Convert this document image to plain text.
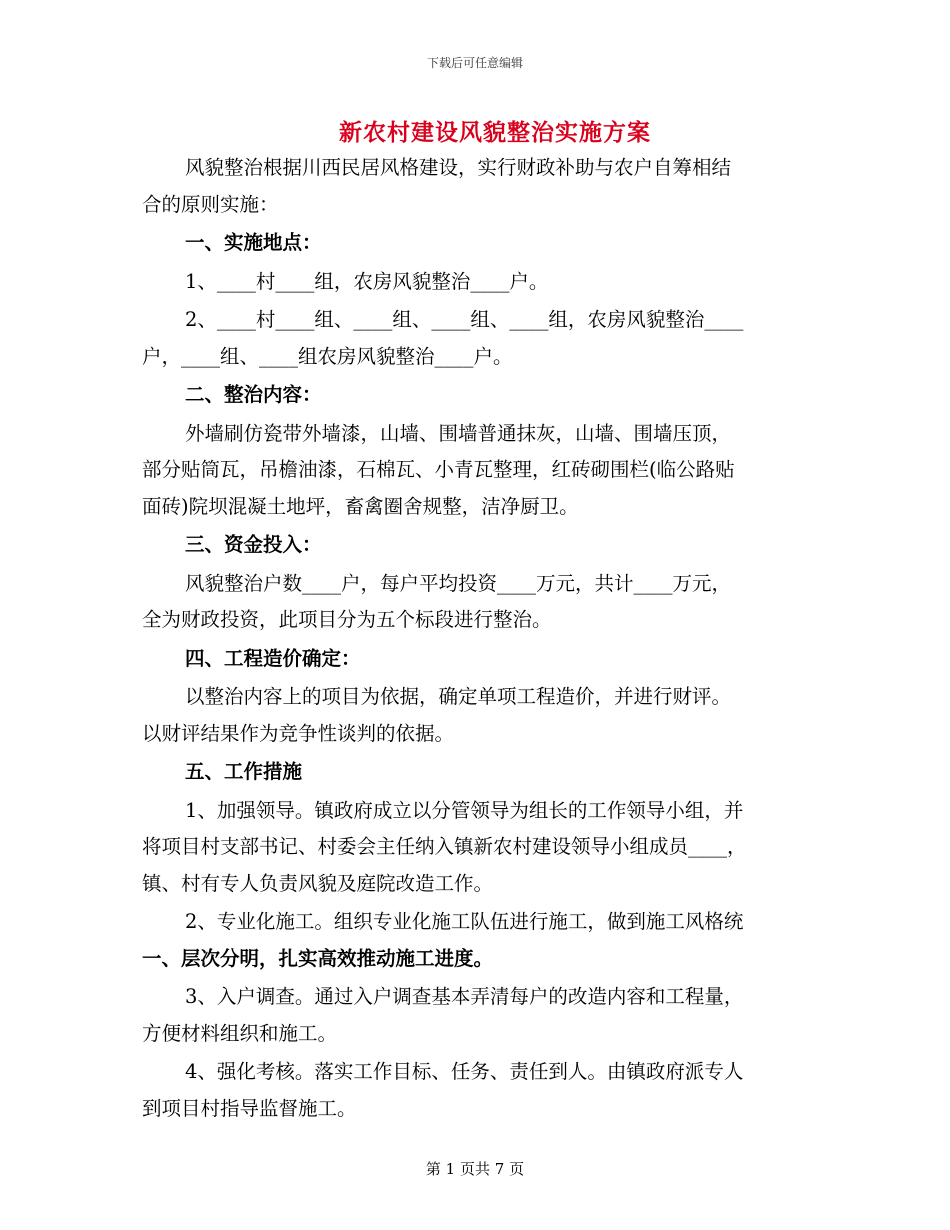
下载后可任意编辑
新农村建设风貌整治实施方案

风貌整治根据川西民居风格建设，实行财政补助与农户自筹相结

合的原则实施：

一、实施地点：

1、____村____组，农房风貌整治____户。

2、____村____组、____组、____组、____组，农房风貌整治____

户，____组、____组农房风貌整治____户。

二、整治内容：

外墙刷仿瓷带外墙漆，山墙、围墙普通抹灰，山墙、围墙压顶，

部分贴筒瓦，吊檐油漆，石棉瓦、小青瓦整理，红砖砌围栏(临公路贴

面砖)院坝混凝土地坪，畜禽圈舍规整，洁净厨卫。

三、资金投入：

风貌整治户数____户，每户平均投资____万元，共计____万元，

全为财政投资，此项目分为五个标段进行整治。

四、工程造价确定：

以整治内容上的项目为依据，确定单项工程造价，并进行财评。

以财评结果作为竞争性谈判的依据。

五、工作措施

1、加强领导。镇政府成立以分管领导为组长的工作领导小组，并

将项目村支部书记、村委会主任纳入镇新农村建设领导小组成员____，

镇、村有专人负责风貌及庭院改造工作。

2、专业化施工。组织专业化施工队伍进行施工，做到施工风格统

一、层次分明，扎实高效推动施工进度。

3、入户调查。通过入户调查基本弄清每户的改造内容和工程量，

方便材料组织和施工。

4、强化考核。落实工作目标、任务、责任到人。由镇政府派专人

到项目村指导监督施工。

第 1 页共 7 页
